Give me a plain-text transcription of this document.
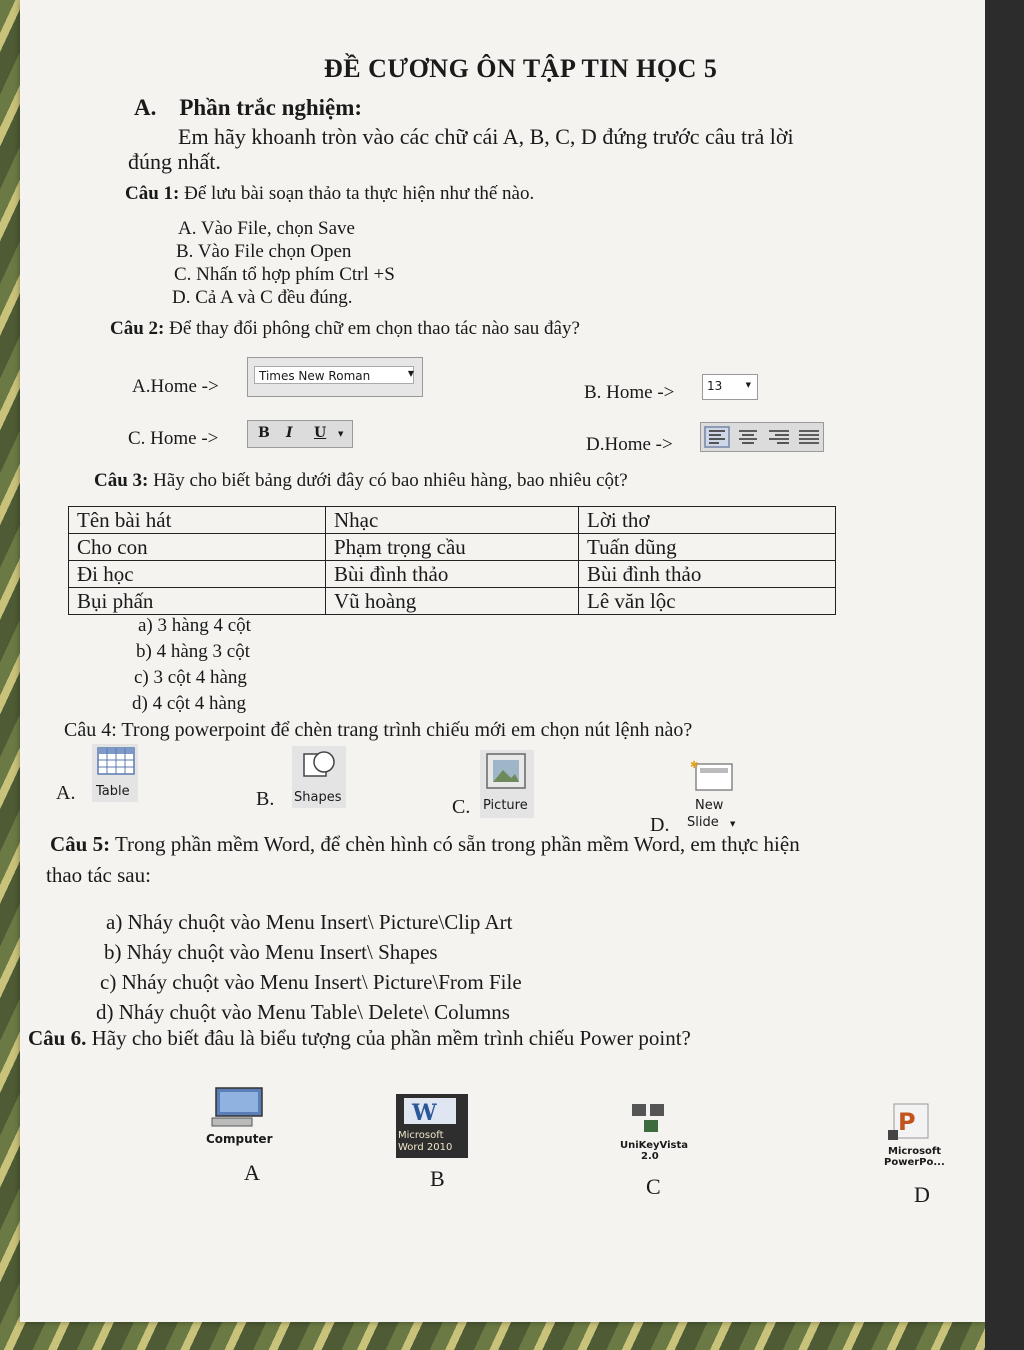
ĐỀ CƯƠNG ÔN TẬP TIN HỌC 5
A. Phần trắc nghiệm:
Em hãy khoanh tròn vào các chữ cái A, B, C, D đứng trước câu trả lời
đúng nhất.
Câu 1: Để lưu bài soạn thảo ta thực hiện như thế nào.
A. Vào File, chọn Save
B. Vào File chọn Open
C. Nhấn tổ hợp phím Ctrl +S
D. Cả A và C đều đúng.
Câu 2: Để thay đổi phông chữ em chọn thao tác nào sau đây?
A.Home ->	Times New Roman	▼
B. Home ->	13	▼
C. Home ->	B I U ▼
D.Home ->
Câu 3: Hãy cho biết bảng dưới đây có bao nhiêu hàng, bao nhiêu cột?
Tên bài hát	Nhạc	Lời thơ
Cho con	Phạm trọng cầu	Tuấn dũng
Đi học	Bùi đình thảo	Bùi đình thảo
Bụi phấn	Vũ hoàng	Lê văn lộc
a) 3 hàng 4 cột
b) 4 hàng 3 cột
c) 3 cột 4 hàng
d) 4 cột 4 hàng
Câu 4: Trong powerpoint để chèn trang trình chiếu mới em chọn nút lệnh nào?
A. Table	B. Shapes	C. Picture
D.
✱
New
Slide ▼
Câu 5: Trong phần mềm Word, để chèn hình có sẵn trong phần mềm Word, em thực hiện
thao tác sau:
a) Nháy chuột vào Menu Insert\ Picture\Clip Art
b) Nháy chuột vào Menu Insert\ Shapes
c) Nháy chuột vào Menu Insert\ Picture\From File
d) Nháy chuột vào Menu Table\ Delete\ Columns
Câu 6. Hãy cho biết đâu là biểu tượng của phần mềm trình chiếu Power point?
Computer
A
W
Microsoft
Word 2010
B
UniKeyVista
2.0
C
P
Microsoft
PowerPo...
D
